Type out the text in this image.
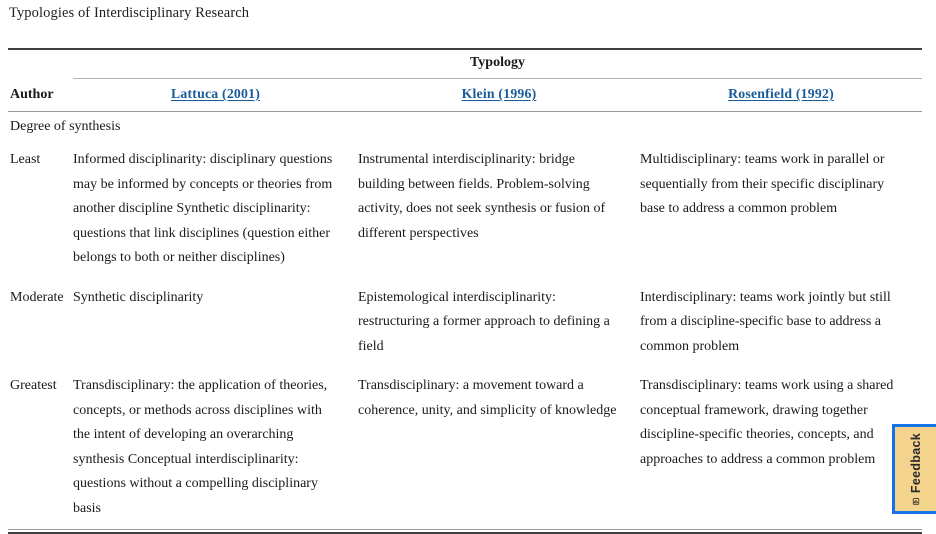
Typologies of Interdisciplinary Research

	Typology		
Author	Lattuca (2001)	Klein (1996)	Rosenfield (1992)
Degree of synthesis			
Least	Informed disciplinarity: disciplinary questions may be informed by concepts or theories from another discipline Synthetic disciplinarity: questions that link disciplines (question either belongs to both or neither disciplines)	Instrumental interdisciplinarity: bridge building between fields. Problem-solving activity, does not seek synthesis or fusion of different perspectives	Multidisciplinary: teams work in parallel or sequentially from their specific disciplinary base to address a common problem
Moderate	Synthetic disciplinarity	Epistemological interdisciplinarity: restructuring a former approach to defining a field	Interdisciplinary: teams work jointly but still from a discipline-specific base to address a common problem
Greatest	Transdisciplinary: the application of theories, concepts, or methods across disciplines with the intent of developing an overarching synthesis Conceptual interdisciplinarity: questions without a compelling disciplinary basis	Transdisciplinary: a movement toward a coherence, unity, and simplicity of knowledge	Transdisciplinary: teams work using a shared conceptual framework, drawing together discipline-specific theories, concepts, and approaches to address a common problem	Feedback
